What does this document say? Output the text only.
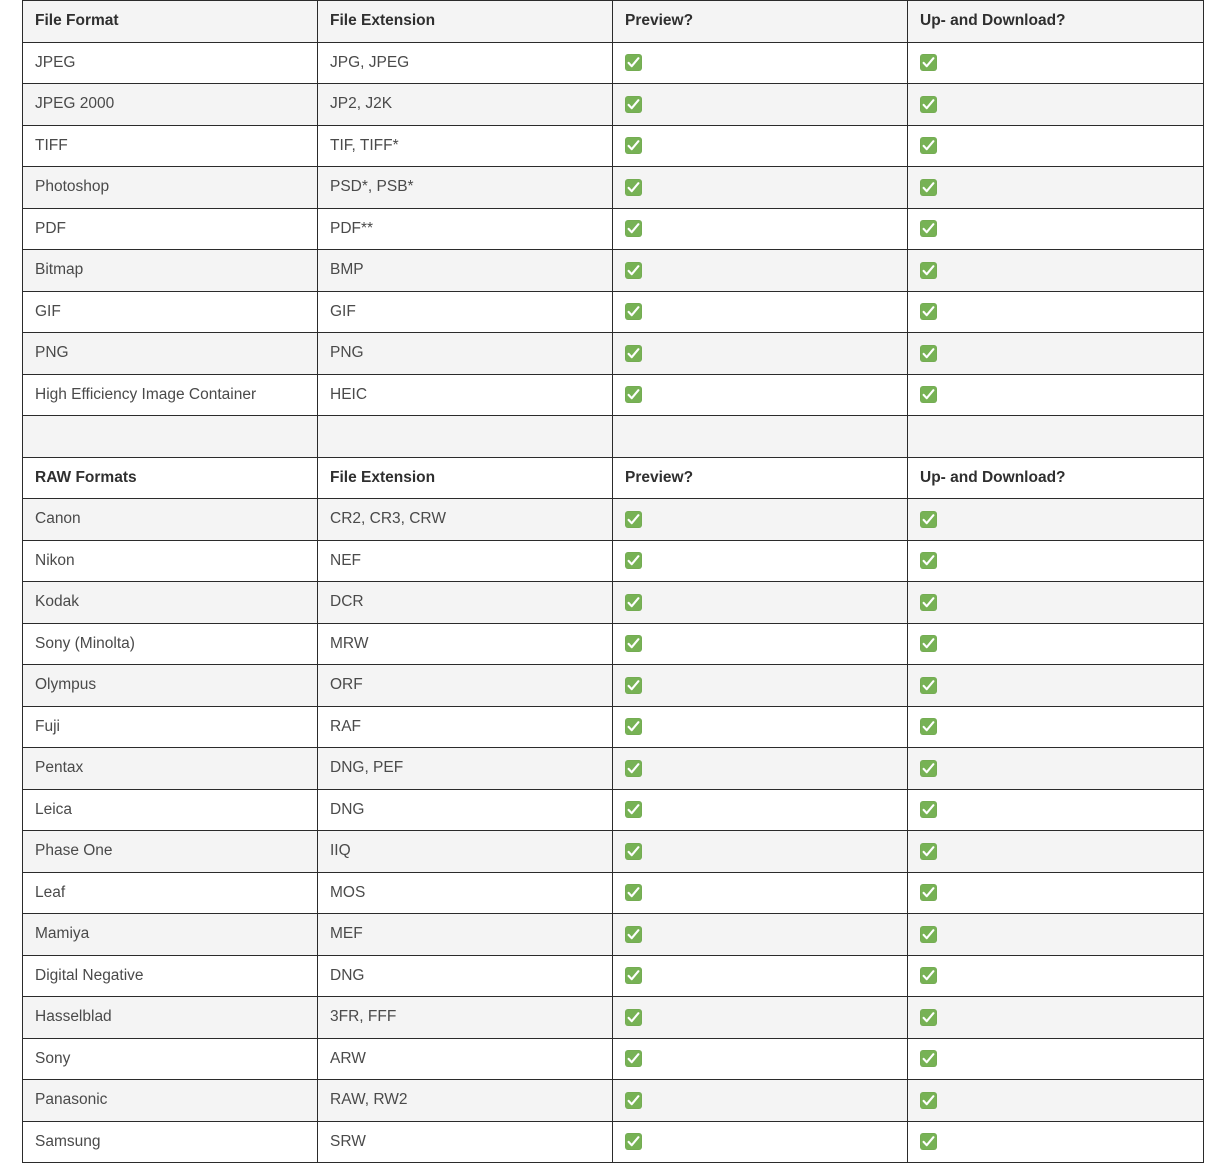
File Format	File Extension	Preview?	Up- and Download?
JPEG	JPG, JPEG	

JPEG 2000	JP2, J2K	

TIFF	TIF, TIFF*	

Photoshop	PSD*, PSB*	

PDF	PDF**	

Bitmap	BMP	

GIF	GIF	

PNG	PNG	

High Efficiency Image Container	HEIC	

RAW Formats	File Extension	Preview?	Up- and Download?
Canon	CR2, CR3, CRW	

Nikon	NEF	

Kodak	DCR	

Sony (Minolta)	MRW	

Olympus	ORF	

Fuji	RAF	

Pentax	DNG, PEF	

Leica	DNG	

Phase One	IIQ	

Leaf	MOS	

Mamiya	MEF	

Digital Negative	DNG	

Hasselblad	3FR, FFF	

Sony	ARW	

Panasonic	RAW, RW2	

Samsung	SRW	
